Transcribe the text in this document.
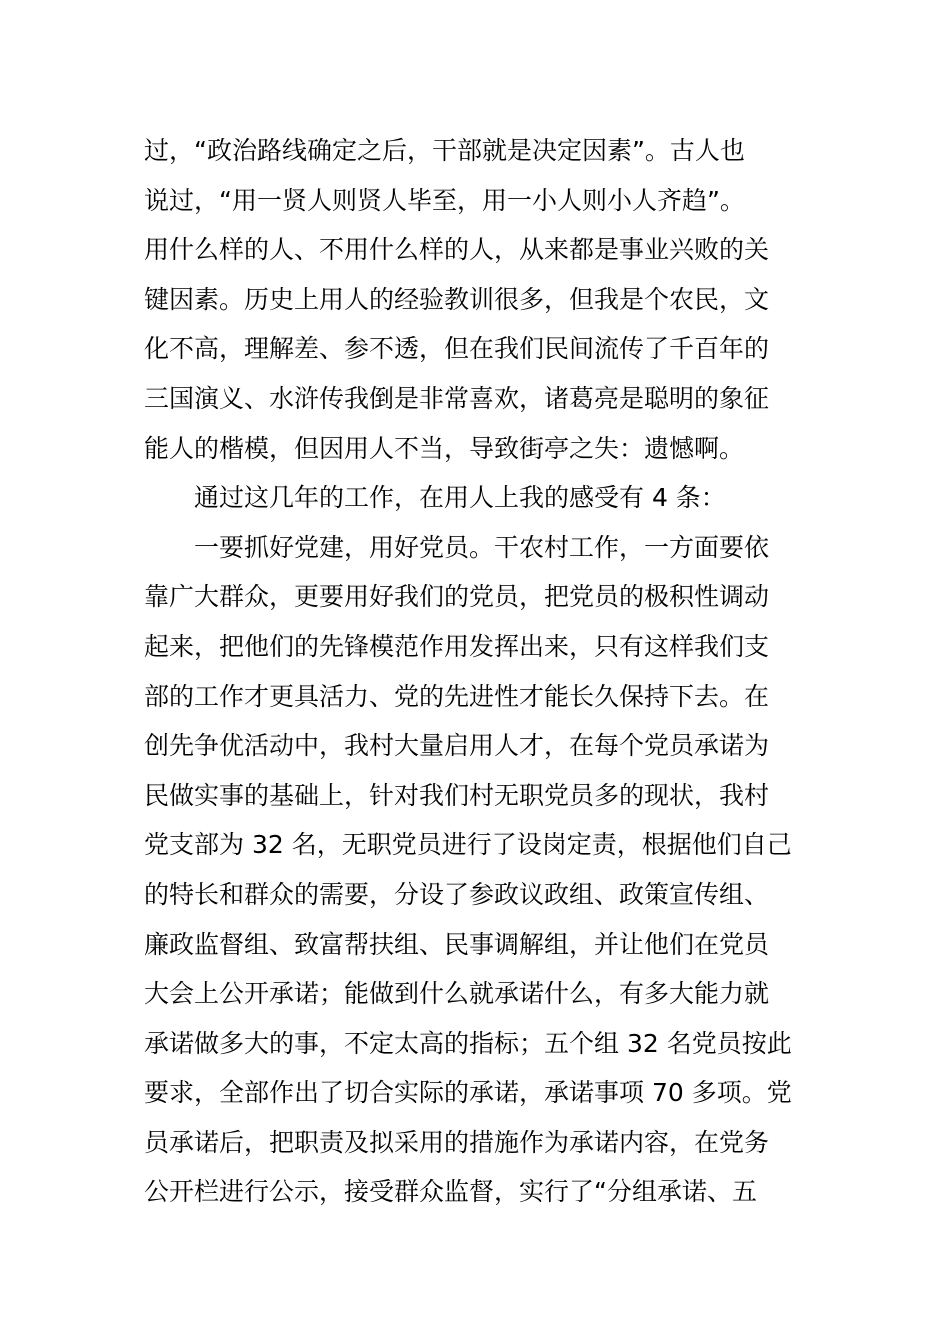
过，“政治路线确定之后，干部就是决定因素”。古人也
说过，“用一贤人则贤人毕至，用一小人则小人齐趋”。
用什么样的人、不用什么样的人，从来都是事业兴败的关
键因素。历史上用人的经验教训很多，但我是个农民，文
化不高，理解差、参不透，但在我们民间流传了千百年的
三国演义、水浒传我倒是非常喜欢，诸葛亮是聪明的象征
能人的楷模，但因用人不当，导致街亭之失：遗憾啊。
通过这几年的工作，在用人上我的感受有 4 条：
一要抓好党建，用好党员。干农村工作，一方面要依
靠广大群众，更要用好我们的党员，把党员的极积性调动
起来，把他们的先锋模范作用发挥出来，只有这样我们支
部的工作才更具活力、党的先进性才能长久保持下去。在
创先争优活动中，我村大量启用人才，在每个党员承诺为
民做实事的基础上，针对我们村无职党员多的现状，我村
党支部为 32 名，无职党员进行了设岗定责，根据他们自己
的特长和群众的需要，分设了参政议政组、政策宣传组、
廉政监督组、致富帮扶组、民事调解组，并让他们在党员
大会上公开承诺；能做到什么就承诺什么，有多大能力就
承诺做多大的事，不定太高的指标；五个组 32 名党员按此
要求，全部作出了切合实际的承诺，承诺事项 70 多项。党
员承诺后，把职责及拟采用的措施作为承诺内容，在党务
公开栏进行公示，接受群众监督，实行了“分组承诺、五
